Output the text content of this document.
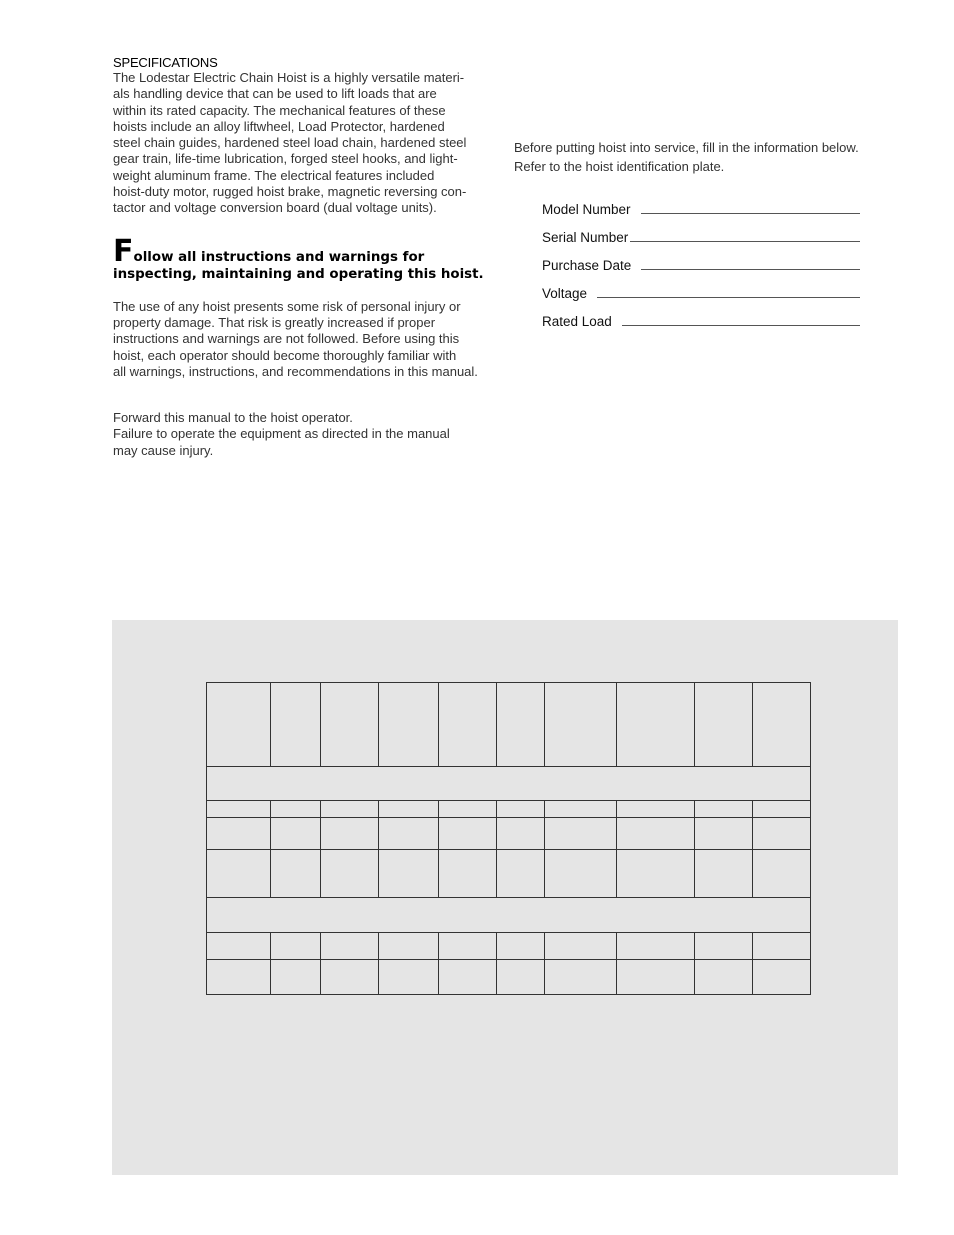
SPECIFICATIONS

The Lodestar Electric Chain Hoist is a highly versatile materi-

als handling device that can be used to lift loads that are

within its rated capacity. The mechanical features of these

hoists include an alloy liftwheel, Load Protector, hardened

steel chain guides, hardened steel load chain, hardened steel

gear train, life-time lubrication, forged steel hooks, and light-

weight aluminum frame. The electrical features included

hoist-duty motor, rugged hoist brake, magnetic reversing con-

tactor and voltage conversion board (dual voltage units).

Follow all instructions and warnings for
inspecting, maintaining and operating this hoist.

The use of any hoist presents some risk of personal injury or

property damage. That risk is greatly increased if proper

instructions and warnings are not followed. Before using this

hoist, each operator should become thoroughly familiar with

all warnings, instructions, and recommendations in this manual.

Forward this manual to the hoist operator.

Failure to operate the equipment as directed in the manual

may cause injury.

Before putting hoist into service, fill in the information below.

Refer to the hoist identification plate.

Model Number
Serial Number
Purchase Date
Voltage
Rated Load
